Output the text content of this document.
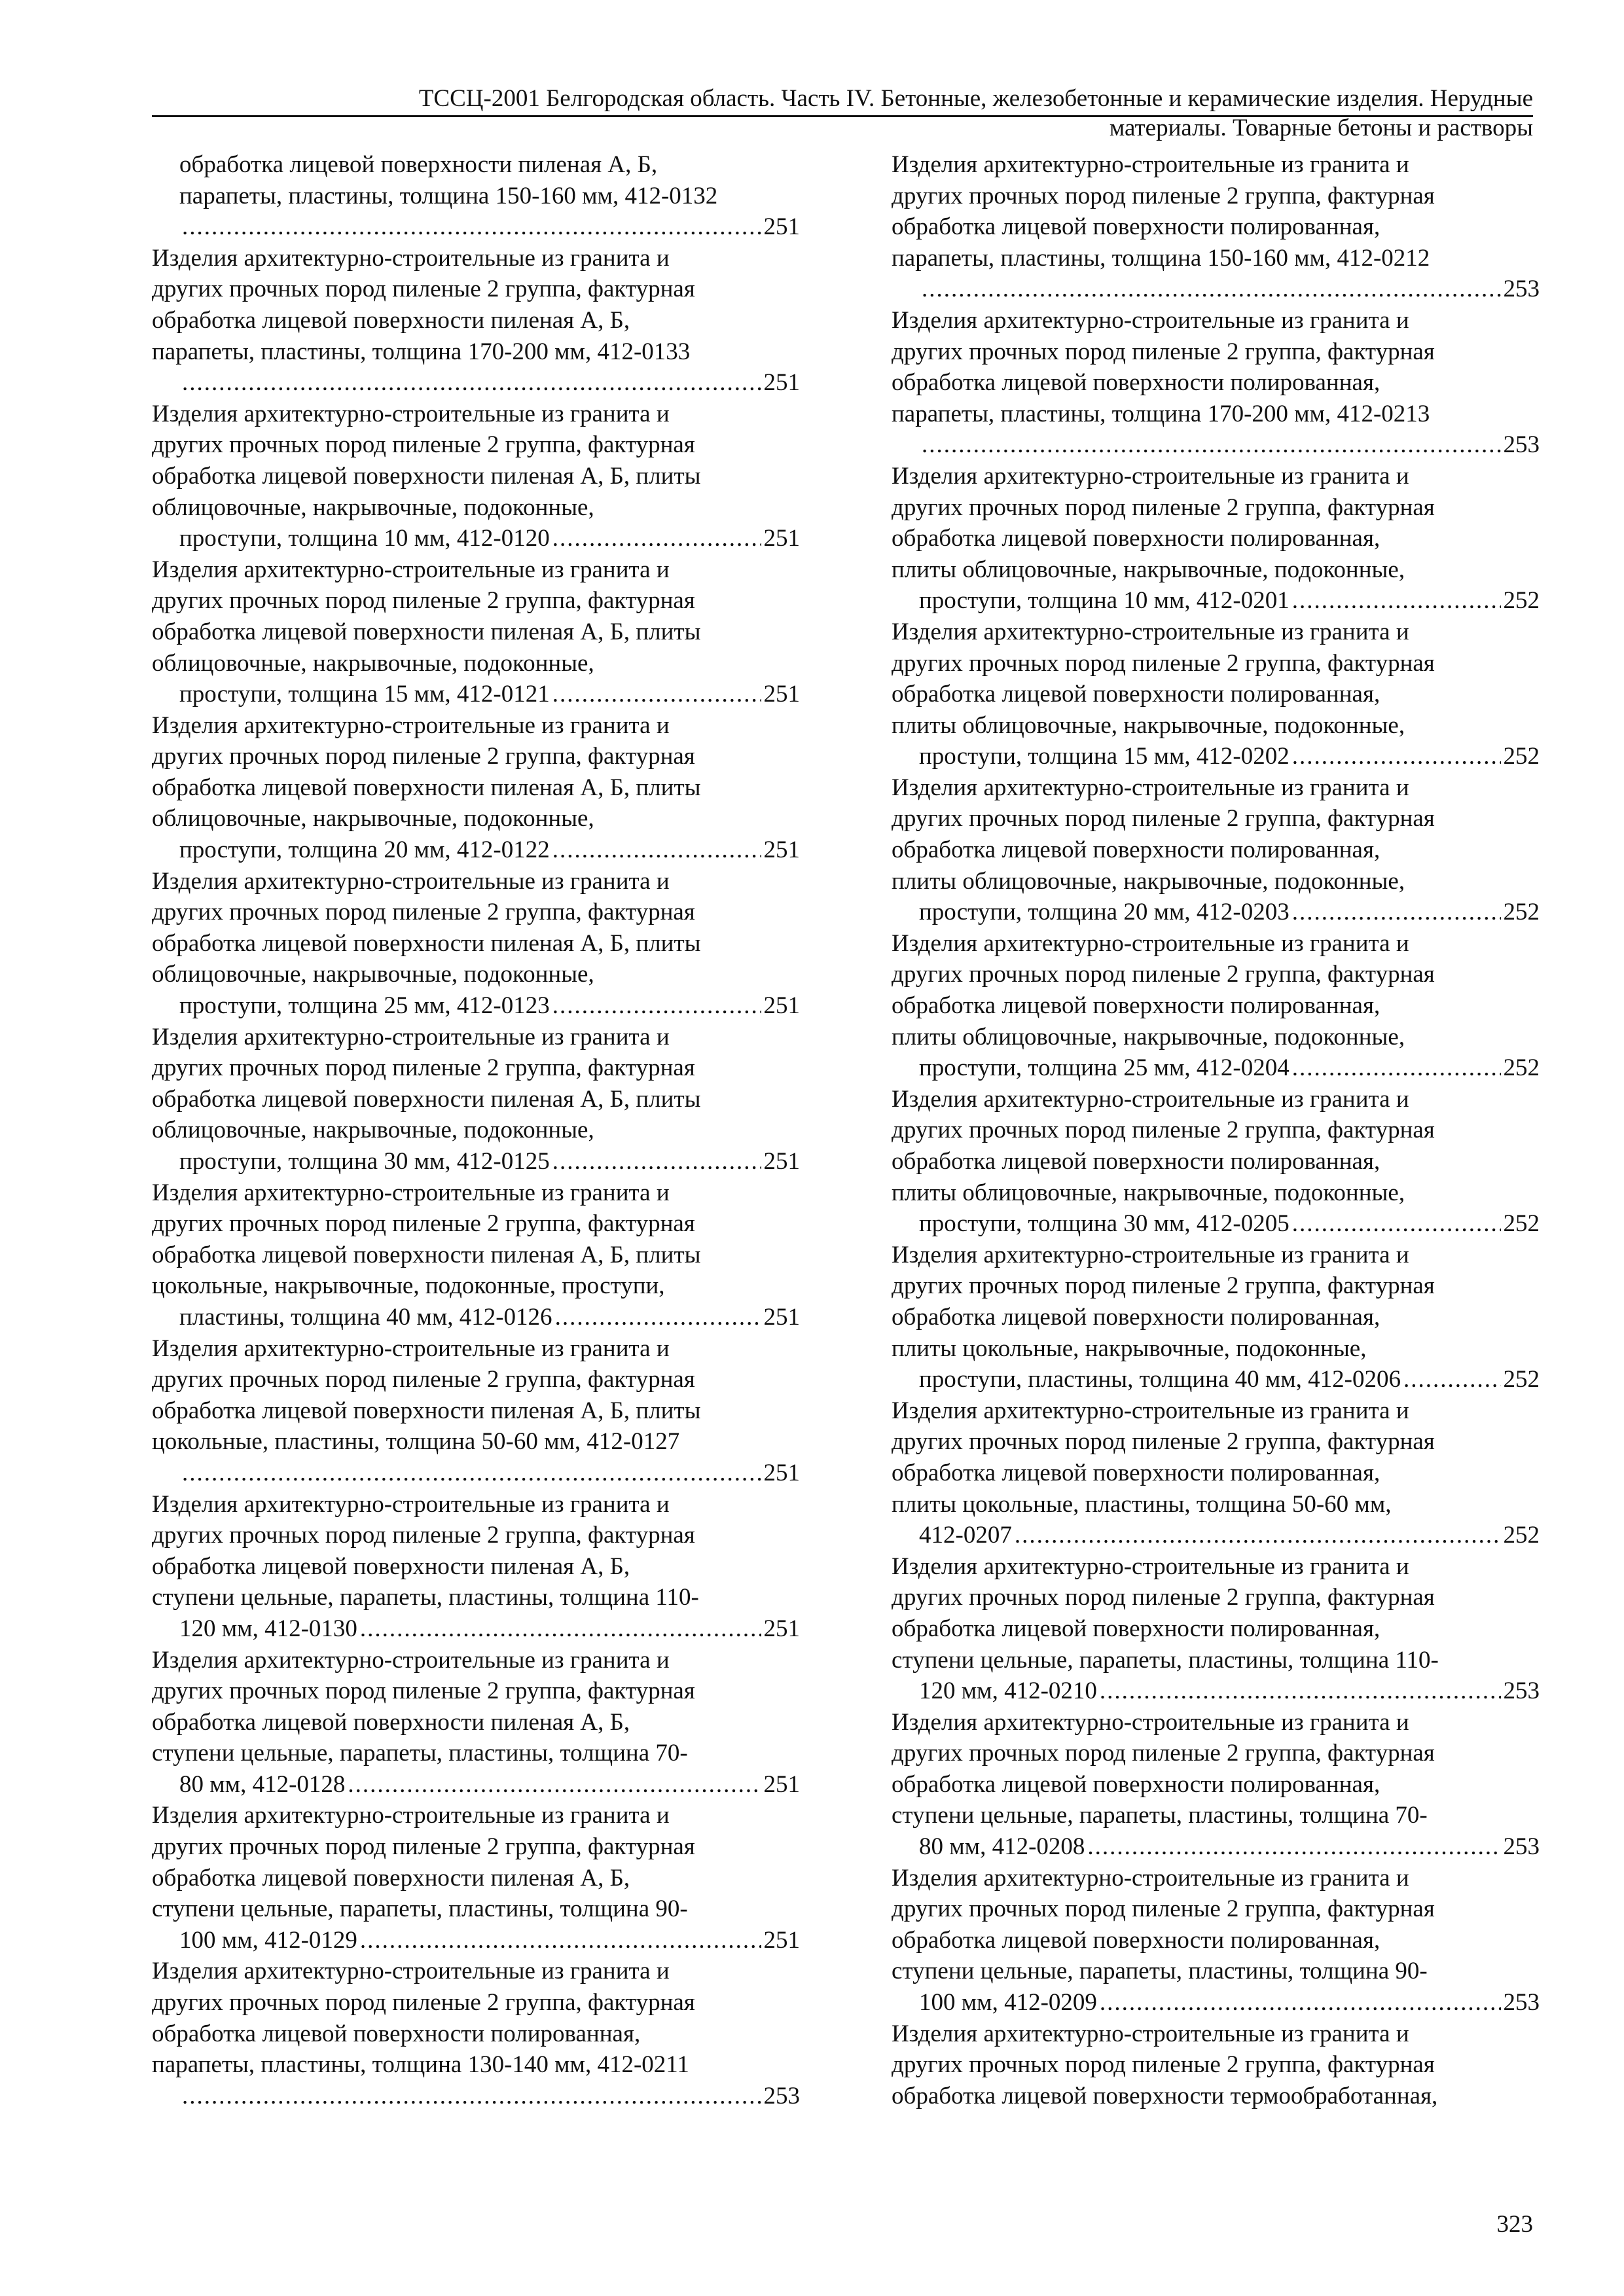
ТССЦ-2001 Белгородская область. Часть IV. Бетонные, железобетонные и керамические изделия. Нерудные
материалы. Товарные бетоны и растворы
обработка лицевой поверхности пиленая А, Б,
парапеты, пластины, толщина 150-160 мм, 412-0132
.....
251
Изделия архитектурно-строительные из гранита и
других прочных пород пиленые 2 группа, фактурная
обработка лицевой поверхности пиленая А, Б,
парапеты, пластины, толщина 170-200 мм, 412-0133
.....
251
Изделия архитектурно-строительные из гранита и
других прочных пород пиленые 2 группа, фактурная
обработка лицевой поверхности пиленая А, Б, плиты
облицовочные, накрывочные, подоконные,
проступи, толщина 10 мм, 412-0120 .....	251
Изделия архитектурно-строительные из гранита и
других прочных пород пиленые 2 группа, фактурная
обработка лицевой поверхности пиленая А, Б, плиты
облицовочные, накрывочные, подоконные,
проступи, толщина 15 мм, 412-0121 .....	251
Изделия архитектурно-строительные из гранита и
других прочных пород пиленые 2 группа, фактурная
обработка лицевой поверхности пиленая А, Б, плиты
облицовочные, накрывочные, подоконные,
проступи, толщина 20 мм, 412-0122 .....	251
Изделия архитектурно-строительные из гранита и
других прочных пород пиленые 2 группа, фактурная
обработка лицевой поверхности пиленая А, Б, плиты
облицовочные, накрывочные, подоконные,
проступи, толщина 25 мм, 412-0123 .....	251
Изделия архитектурно-строительные из гранита и
других прочных пород пиленые 2 группа, фактурная
обработка лицевой поверхности пиленая А, Б, плиты
облицовочные, накрывочные, подоконные,
проступи, толщина 30 мм, 412-0125 .....	251
Изделия архитектурно-строительные из гранита и
других прочных пород пиленые 2 группа, фактурная
обработка лицевой поверхности пиленая А, Б, плиты
цокольные, накрывочные, подоконные, проступи,
пластины, толщина 40 мм, 412-0126 .....	251
Изделия архитектурно-строительные из гранита и
других прочных пород пиленые 2 группа, фактурная
обработка лицевой поверхности пиленая А, Б, плиты
цокольные, пластины, толщина 50-60 мм, 412-0127
.....
251
Изделия архитектурно-строительные из гранита и
других прочных пород пиленые 2 группа, фактурная
обработка лицевой поверхности пиленая А, Б,
ступени цельные, парапеты, пластины, толщина 110-
120 мм, 412-0130 .....	251
Изделия архитектурно-строительные из гранита и
других прочных пород пиленые 2 группа, фактурная
обработка лицевой поверхности пиленая А, Б,
ступени цельные, парапеты, пластины, толщина 70-
80 мм, 412-0128 .....	251
Изделия архитектурно-строительные из гранита и
других прочных пород пиленые 2 группа, фактурная
обработка лицевой поверхности пиленая А, Б,
ступени цельные, парапеты, пластины, толщина 90-
100 мм, 412-0129 .....	251
Изделия архитектурно-строительные из гранита и
других прочных пород пиленые 2 группа, фактурная
обработка лицевой поверхности полированная,
парапеты, пластины, толщина 130-140 мм, 412-0211
.....
253
Изделия архитектурно-строительные из гранита и
других прочных пород пиленые 2 группа, фактурная
обработка лицевой поверхности полированная,
парапеты, пластины, толщина 150-160 мм, 412-0212
.....
253
Изделия архитектурно-строительные из гранита и
других прочных пород пиленые 2 группа, фактурная
обработка лицевой поверхности полированная,
парапеты, пластины, толщина 170-200 мм, 412-0213
.....
253
Изделия архитектурно-строительные из гранита и
других прочных пород пиленые 2 группа, фактурная
обработка лицевой поверхности полированная,
плиты облицовочные, накрывочные, подоконные,
проступи, толщина 10 мм, 412-0201 .....	252
Изделия архитектурно-строительные из гранита и
других прочных пород пиленые 2 группа, фактурная
обработка лицевой поверхности полированная,
плиты облицовочные, накрывочные, подоконные,
проступи, толщина 15 мм, 412-0202 .....	252
Изделия архитектурно-строительные из гранита и
других прочных пород пиленые 2 группа, фактурная
обработка лицевой поверхности полированная,
плиты облицовочные, накрывочные, подоконные,
проступи, толщина 20 мм, 412-0203 .....	252
Изделия архитектурно-строительные из гранита и
других прочных пород пиленые 2 группа, фактурная
обработка лицевой поверхности полированная,
плиты облицовочные, накрывочные, подоконные,
проступи, толщина 25 мм, 412-0204 .....	252
Изделия архитектурно-строительные из гранита и
других прочных пород пиленые 2 группа, фактурная
обработка лицевой поверхности полированная,
плиты облицовочные, накрывочные, подоконные,
проступи, толщина 30 мм, 412-0205 .....	252
Изделия архитектурно-строительные из гранита и
других прочных пород пиленые 2 группа, фактурная
обработка лицевой поверхности полированная,
плиты цокольные, накрывочные, подоконные,
проступи, пластины, толщина 40 мм, 412-0206 .....	252
Изделия архитектурно-строительные из гранита и
других прочных пород пиленые 2 группа, фактурная
обработка лицевой поверхности полированная,
плиты цокольные, пластины, толщина 50-60 мм,
412-0207 .....	252
Изделия архитектурно-строительные из гранита и
других прочных пород пиленые 2 группа, фактурная
обработка лицевой поверхности полированная,
ступени цельные, парапеты, пластины, толщина 110-
120 мм, 412-0210 .....	253
Изделия архитектурно-строительные из гранита и
других прочных пород пиленые 2 группа, фактурная
обработка лицевой поверхности полированная,
ступени цельные, парапеты, пластины, толщина 70-
80 мм, 412-0208 .....	253
Изделия архитектурно-строительные из гранита и
других прочных пород пиленые 2 группа, фактурная
обработка лицевой поверхности полированная,
ступени цельные, парапеты, пластины, толщина 90-
100 мм, 412-0209 .....	253
Изделия архитектурно-строительные из гранита и
других прочных пород пиленые 2 группа, фактурная
обработка лицевой поверхности термообработанная,
323
